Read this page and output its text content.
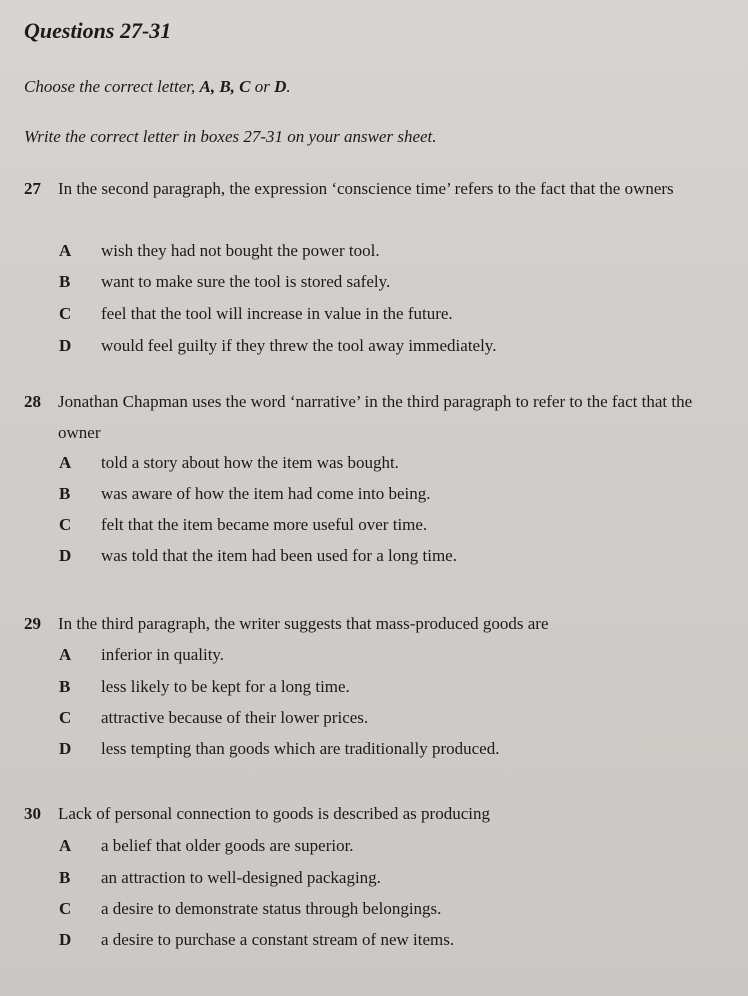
Questions 27-31

Choose the correct letter, A, B, C or D.

Write the correct letter in boxes 27-31 on your answer sheet.

27 In the second paragraph, the expression ‘conscience time’ refers to the fact that the owners
A wish they had not bought the power tool.
B want to make sure the tool is stored safely.
C feel that the tool will increase in value in the future.
D would feel guilty if they threw the tool away immediately.
28 Jonathan Chapman uses the word ‘narrative’ in the third paragraph to refer to the fact that the owner
A told a story about how the item was bought.
B was aware of how the item had come into being.
C felt that the item became more useful over time.
D was told that the item had been used for a long time.
29 In the third paragraph, the writer suggests that mass-produced goods are
A inferior in quality.
B less likely to be kept for a long time.
C attractive because of their lower prices.
D less tempting than goods which are traditionally produced.
30 Lack of personal connection to goods is described as producing
A a belief that older goods are superior.
B an attraction to well-designed packaging.
C a desire to demonstrate status through belongings.
D a desire to purchase a constant stream of new items.
